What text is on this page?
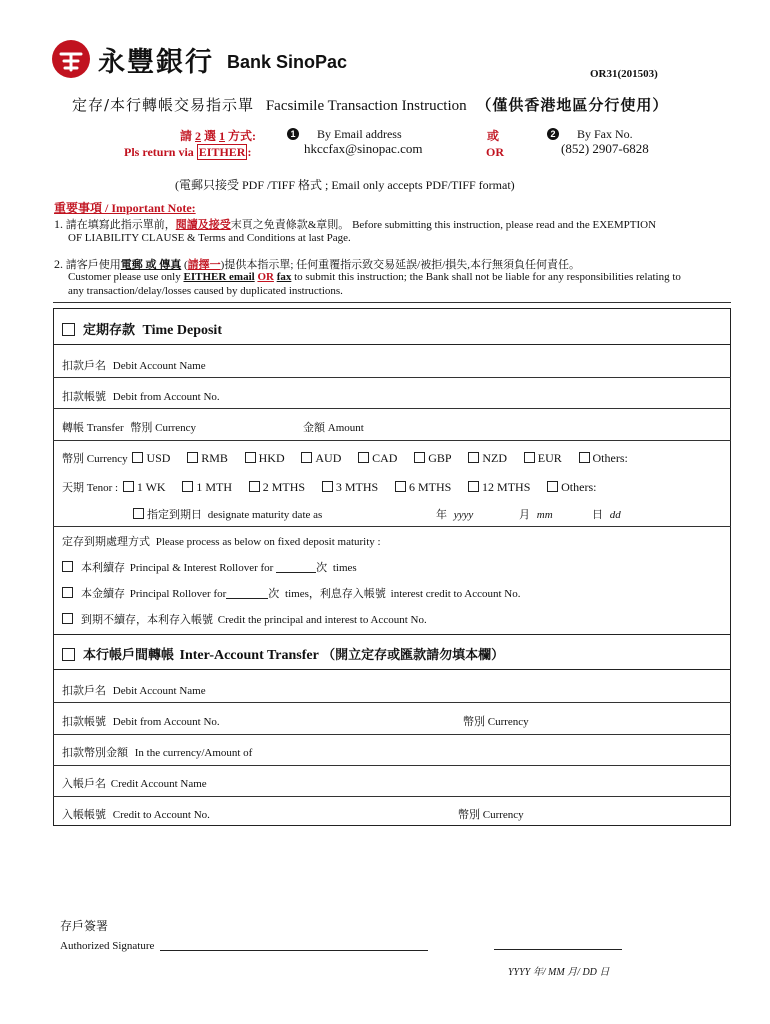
永豐銀行 Bank SinoPac
OR31(201503)
定存/本行轉帳交易指示單 Facsimile Transaction Instruction （僅供香港地區分行使用）
請 2 選 1 方式:
Pls return via EITHER :
1 By Email address
hkccfax@sinopac.com
或
OR
2 By Fax No.
(852) 2907-6828
(電郵只接受 PDF /TIFF 格式 ; Email only accepts PDF/TIFF format)
重要事項 / Important Note:
1. 請在填寫此指示單前，閱讀及接受末頁之免責條款&章則。 Before submitting this instruction, please read and the EXEMPTION
OF LIABILITY CLAUSE & Terms and Conditions at last Page.
2. 請客戶使用電郵 或 傳真 (請擇一)提供本指示單; 任何重覆指示致交易延誤/被拒/損失,本行無須負任何責任。
Customer please use only EITHER email OR fax to submit this instruction; the Bank shall not be liable for any responsibilities relating to
any transaction/delay/losses caused by duplicated instructions.
定期存款 Time Deposit
扣款戶名 Debit Account Name
扣款帳號 Debit from Account No.
轉帳 Transfer 幣別 Currency	金額 Amount
幣別 Currency USD	RMB	HKD	AUD	CAD	GBP	NZD	EUR	Others:
天期 Tenor : 1 WK	1 MTH	2 MTHS	3 MTHS	6 MTHS	12 MTHS	Others:
指定到期日 designate maturity date as	年 yyyy	月 mm	日 dd
定存到期處理方式 Please process as below on fixed deposit maturity :
本利續存 Principal & Interest Rollover for	次 times
本金續存 Principal Rollover for	次 times，利息存入帳號 interest credit to Account No.
到期不續存，本利存入帳號 Credit the principal and interest to Account No.
本行帳戶間轉帳 Inter-Account Transfer （開立定存或匯款請勿填本欄）
扣款戶名 Debit Account Name
扣款帳號 Debit from Account No.	幣別 Currency
扣款幣別金額 In the currency/Amount of
入帳戶名 Credit Account Name
入帳帳號 Credit to Account No.	幣別 Currency
存戶簽署
Authorized Signature
YYYY 年/ MM 月/ DD 日
